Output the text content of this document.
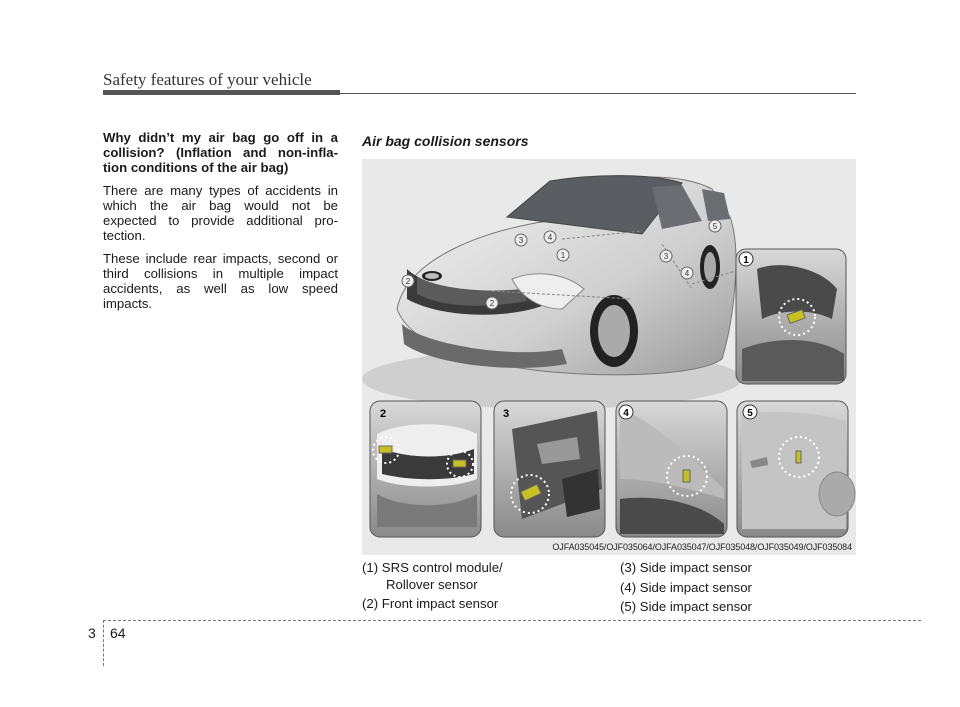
Safety features of your vehicle

Why didn’t my air bag go off in a collision? (Inflation and non-infla-tion conditions of the air bag)

There are many types of accidents in which the air bag would not be expected to provide additional pro-tection.

These include rear impacts, second or third collisions in multiple impact accidents, as well as low speed impacts.

Air bag collision sensors
3	4
1
2
2
3
4
5
1
2	3	4	5
OJFA035045/OJF035064/OJFA035047/OJF035048/OJF035049/OJF035084
(1) SRS control module/
Rollover sensor
(2) Front impact sensor
(3) Side impact sensor
(4) Side impact sensor
(5) Side impact sensor
3 64
